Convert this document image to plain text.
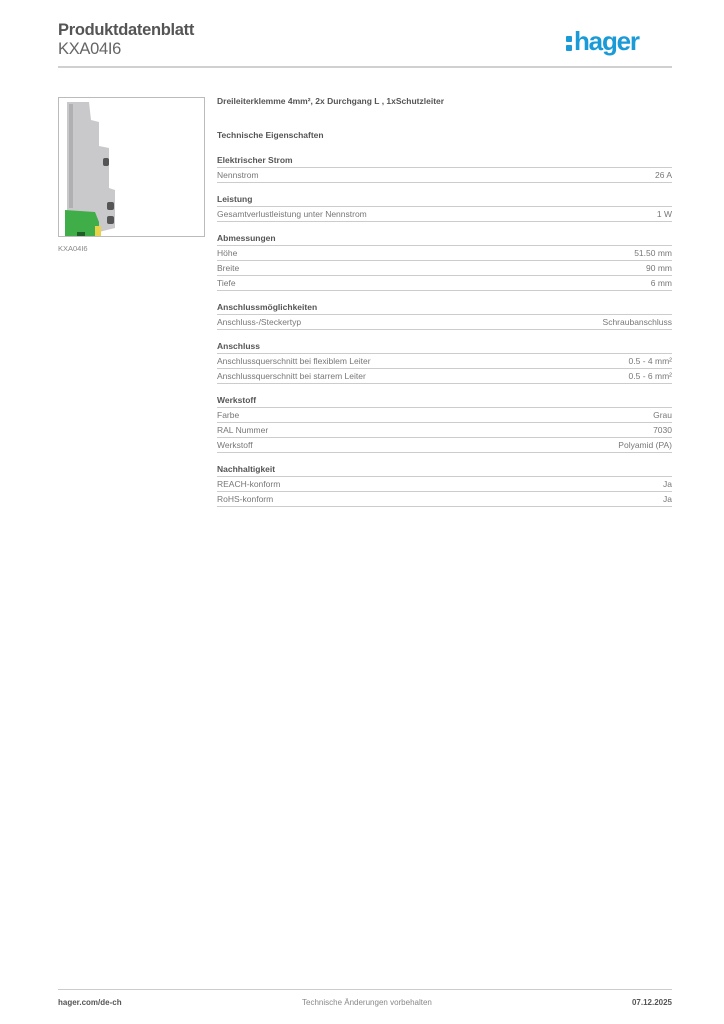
Produktdatenblatt
KXA04I6	hager
KXA04I6
Dreileiterklemme 4mm², 2x Durchgang L , 1xSchutzleiter
Technische Eigenschaften
Elektrischer Strom
Nennstrom	26 A
Leistung
Gesamtverlustleistung unter Nennstrom	1 W
Abmessungen
Höhe	51.50 mm
Breite	90 mm
Tiefe	6 mm
Anschlussmöglichkeiten
Anschluss-/Steckertyp	Schraubanschluss
Anschluss
Anschlussquerschnitt bei flexiblem Leiter	0.5 - 4 mm²
Anschlussquerschnitt bei starrem Leiter	0.5 - 6 mm²
Werkstoff
Farbe	Grau
RAL Nummer	7030
Werkstoff	Polyamid (PA)
Nachhaltigkeit
REACH-konform	Ja
RoHS-konform	Ja
hager.com/de-ch	Technische Änderungen vorbehalten	07.12.2025
